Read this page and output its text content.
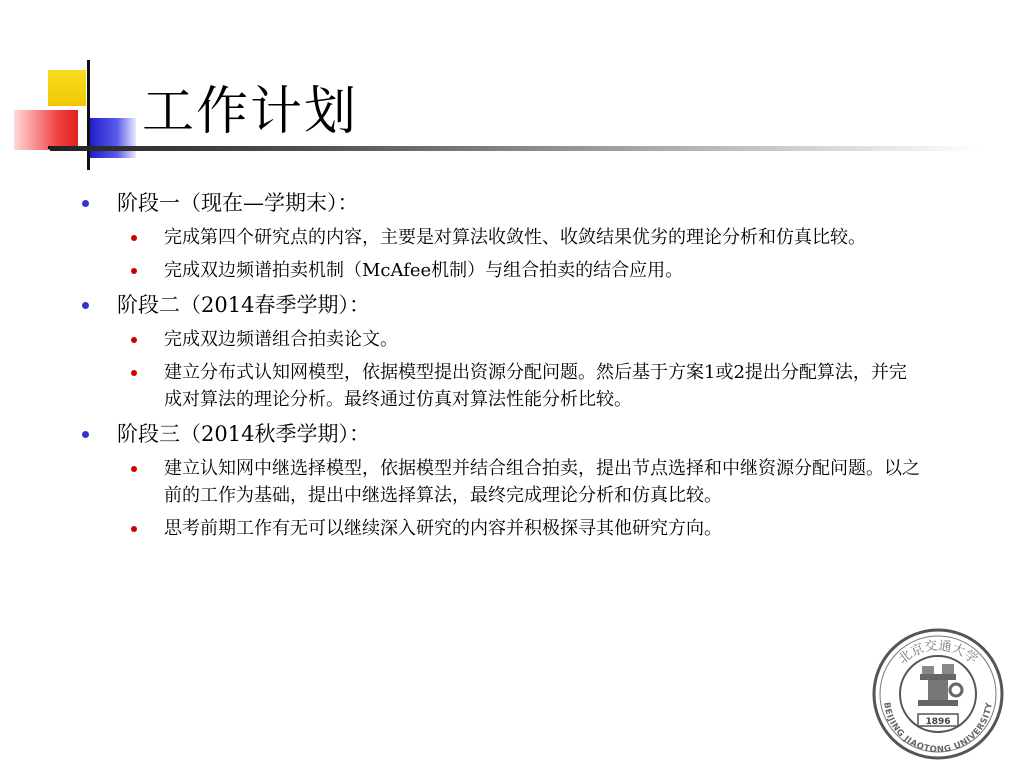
工作计划
阶段一（现在—学期末）：
完成第四个研究点的内容，主要是对算法收敛性、收敛结果优劣的理论分析和仿真比较。
完成双边频谱拍卖机制（McAfee机制）与组合拍卖的结合应用。
阶段二（2014春季学期）：
完成双边频谱组合拍卖论文。
建立分布式认知网模型，依据模型提出资源分配问题。然后基于方案1或2提出分配算法，并完成对算法的理论分析。最终通过仿真对算法性能分析比较。
阶段三（2014秋季学期）：
建立认知网中继选择模型，依据模型并结合组合拍卖，提出节点选择和中继资源分配问题。以之前的工作为基础，提出中继选择算法，最终完成理论分析和仿真比较。
思考前期工作有无可以继续深入研究的内容并积极探寻其他研究方向。
1896
BEIJING JIAOTONG UNIVERSITY
北京交通大学
